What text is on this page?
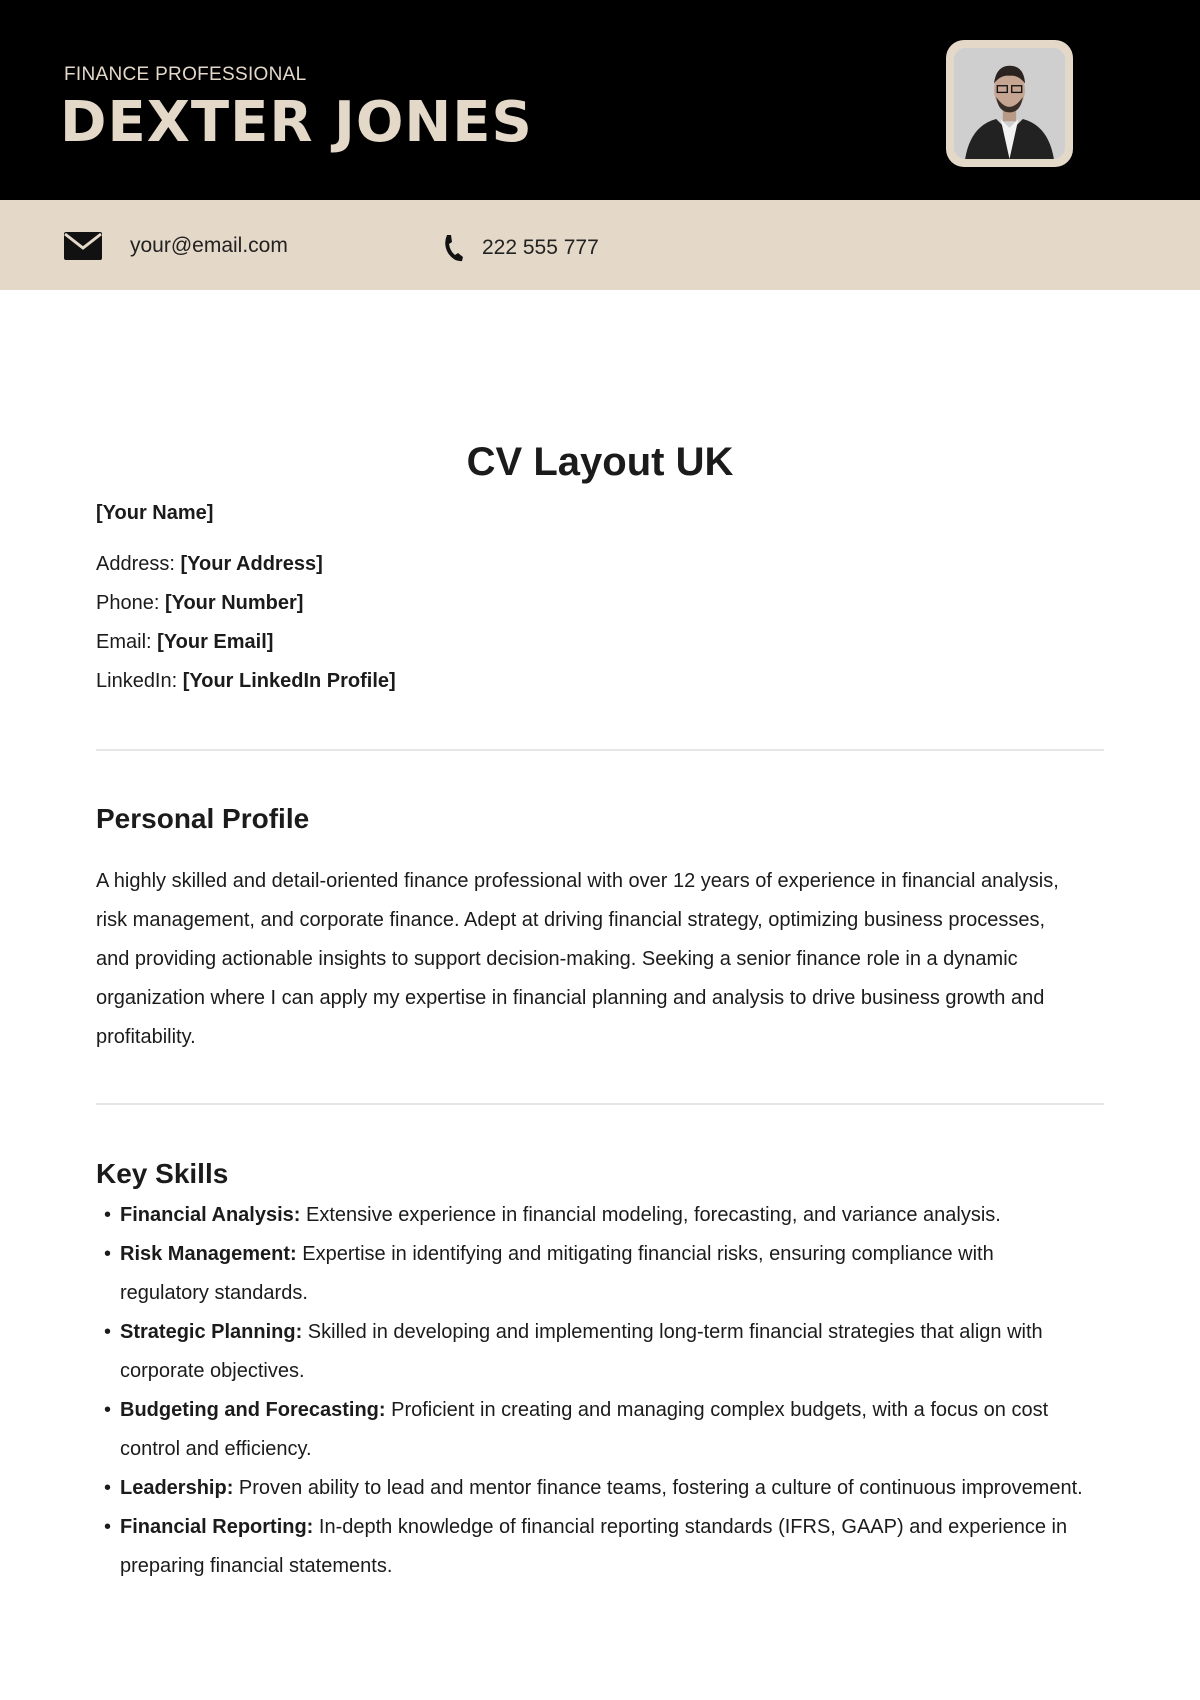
FINANCE PROFESSIONAL
DEXTER JONES
your@email.com	222 555 777
CV Layout UK
[Your Name]
Address: [Your Address]
Phone: [Your Number]
Email: [Your Email]
LinkedIn: [Your LinkedIn Profile]
Personal Profile
A highly skilled and detail-oriented finance professional with over 12 years of experience in financial analysis, risk management, and corporate finance. Adept at driving financial strategy, optimizing business processes, and providing actionable insights to support decision-making. Seeking a senior finance role in a dynamic organization where I can apply my expertise in financial planning and analysis to drive business growth and profitability.
Key Skills
• Financial Analysis: Extensive experience in financial modeling, forecasting, and variance analysis.
• Risk Management: Expertise in identifying and mitigating financial risks, ensuring compliance with regulatory standards.
• Strategic Planning: Skilled in developing and implementing long-term financial strategies that align with corporate objectives.
• Budgeting and Forecasting: Proficient in creating and managing complex budgets, with a focus on cost control and efficiency.
• Leadership: Proven ability to lead and mentor finance teams, fostering a culture of continuous improvement.
• Financial Reporting: In-depth knowledge of financial reporting standards (IFRS, GAAP) and experience in preparing financial statements.
